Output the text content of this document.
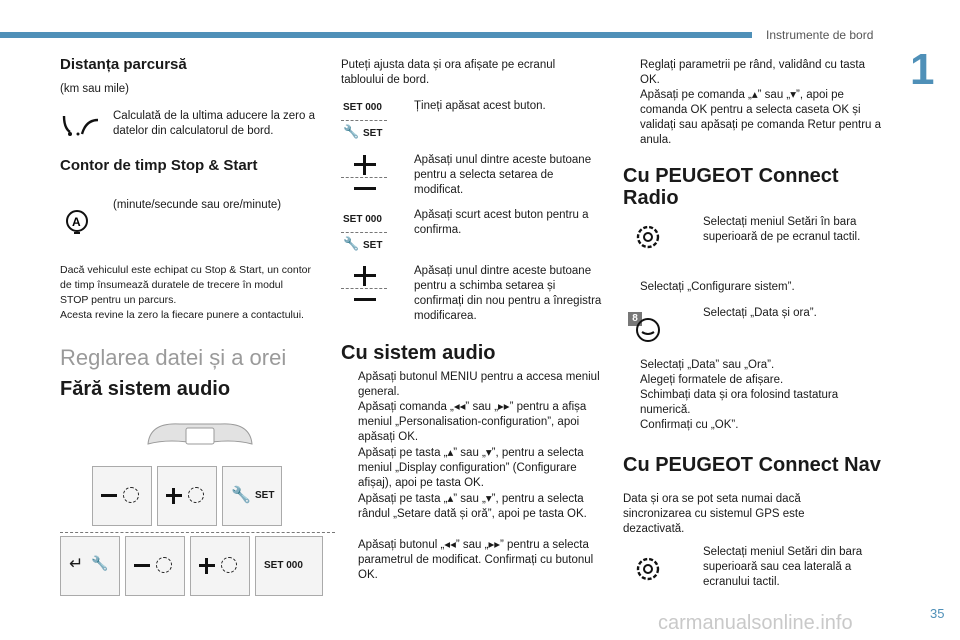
Instrumente de bord
1
35
Distanța parcursă
(km sau mile)
Calculată de la ultima aducere la zero a datelor din calculatorul de bord.
Contor de timp Stop & Start
A
(minute/secunde sau ore/minute)
Dacă vehiculul este echipat cu Stop & Start, un contor
de timp însumează duratele de trecere în modul
STOP pentru un parcurs.
Acesta revine la zero la fiecare punere a contactului.
Reglarea datei și a orei
Fără sistem audio
🔧 SET
↵ 🔧	SET 000
Puteți ajusta data și ora afișate pe ecranul tabloului de bord.
SET 000
🔧 SET
Țineți apăsat acest buton.
Apăsați unul dintre aceste butoane pentru a selecta setarea de modificat.
SET 000
🔧 SET
Apăsați scurt acest buton pentru a confirma.
Apăsați unul dintre aceste butoane pentru a schimba setarea și confirmați din nou pentru a înregistra modificarea.
Cu sistem audio
Apăsați butonul MENIU pentru a accesa meniul general.
Apăsați comanda „◂◂” sau „▸▸” pentru a afișa meniul „Personalisation-configuration”, apoi apăsați OK.
Apăsați pe tasta „▴” sau „▾”, pentru a selecta meniul „Display configuration” (Configurare afișaj), apoi pe tasta OK.
Apăsați pe tasta „▴” sau „▾”, pentru a selecta rândul „Setare dată și oră”, apoi pe tasta OK.
Apăsați butonul „◂◂” sau „▸▸” pentru a selecta parametrul de modificat. Confirmați cu butonul OK.
Reglați parametrii pe rând, validând cu tasta OK.
Apăsați pe comanda „▴” sau „▾”, apoi pe comanda OK pentru a selecta caseta OK și validați sau apăsați pe comanda Retur pentru a anula.
Cu PEUGEOT Connect
Radio
Selectați meniul Setări în bara superioară de pe ecranul tactil.
Selectați „Configurare sistem”.
8	Selectați „Data și ora”.
Selectați „Data” sau „Ora”.
Alegeți formatele de afișare.
Schimbați data și ora folosind tastatura numerică.
Confirmați cu „OK”.
Cu PEUGEOT Connect Nav
Data și ora se pot seta numai dacă sincronizarea cu sistemul GPS este dezactivată.
Selectați meniul Setări din bara superioară sau cea laterală a ecranului tactil.
carmanualsonline.info
